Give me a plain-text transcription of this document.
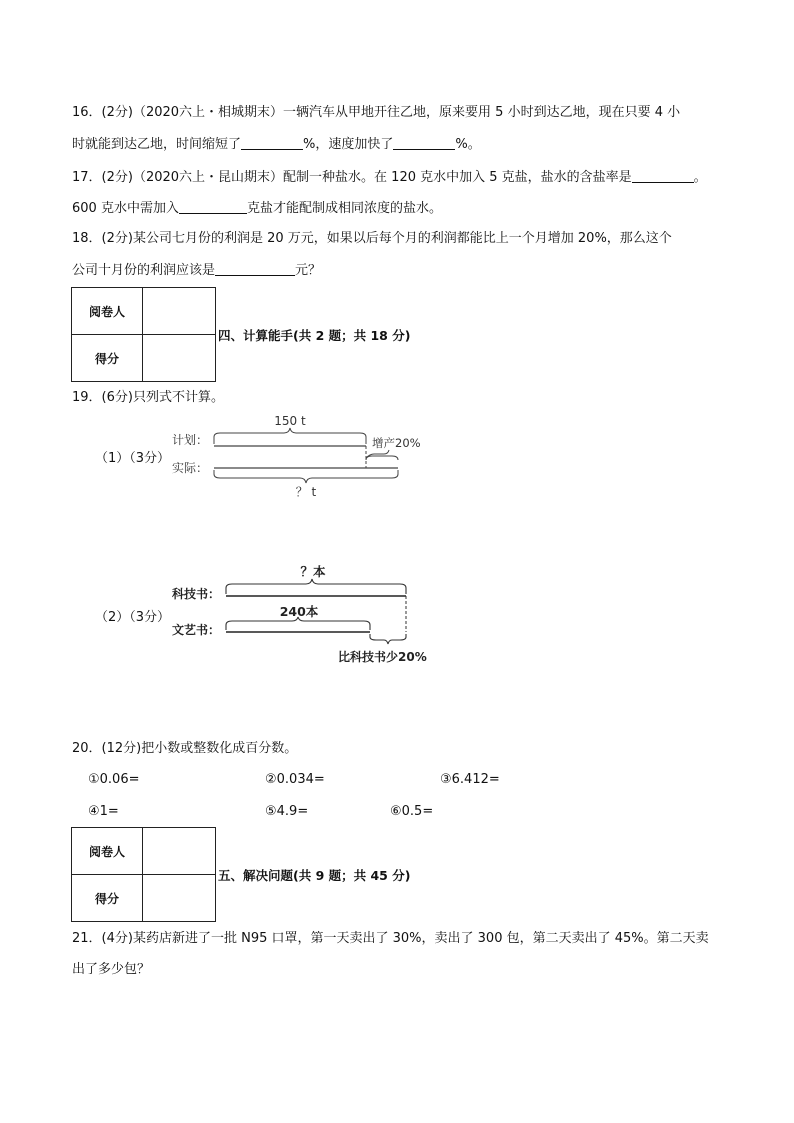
16．(2分)（2020六上・相城期末）一辆汽车从甲地开往乙地，原来要用 5 小时到达乙地，现在只要 4 小
时就能到达乙地，时间缩短了	%，速度加快了	%。
17．(2分)（2020六上・昆山期末）配制一种盐水。在 120 克水中加入 5 克盐，盐水的含盐率是	。
600 克水中需加入	克盐才能配制成相同浓度的盐水。
18．(2分)某公司七月份的利润是 20 万元，如果以后每个月的利润都能比上一个月增加 20%，那么这个
公司十月份的利润应该是	元？
阅卷人	
得分	
四、计算能手(共 2 题；共 18 分)
19．(6分)只列式不计算。
（1）（3分）
计划：
实际：
150 t
增产20%
？ t
（2）（3分）
？本
科技书：
文艺书：
240本
比科技书少20%
20．(12分)把小数或整数化成百分数。
①0.06=	②0.034=	③6.412=
④1=	⑤4.9=	⑥0.5=
阅卷人	
得分	
五、解决问题(共 9 题；共 45 分)
21．(4分)某药店新进了一批 N95 口罩，第一天卖出了 30%，卖出了 300 包，第二天卖出了 45%。第二天卖
出了多少包？
